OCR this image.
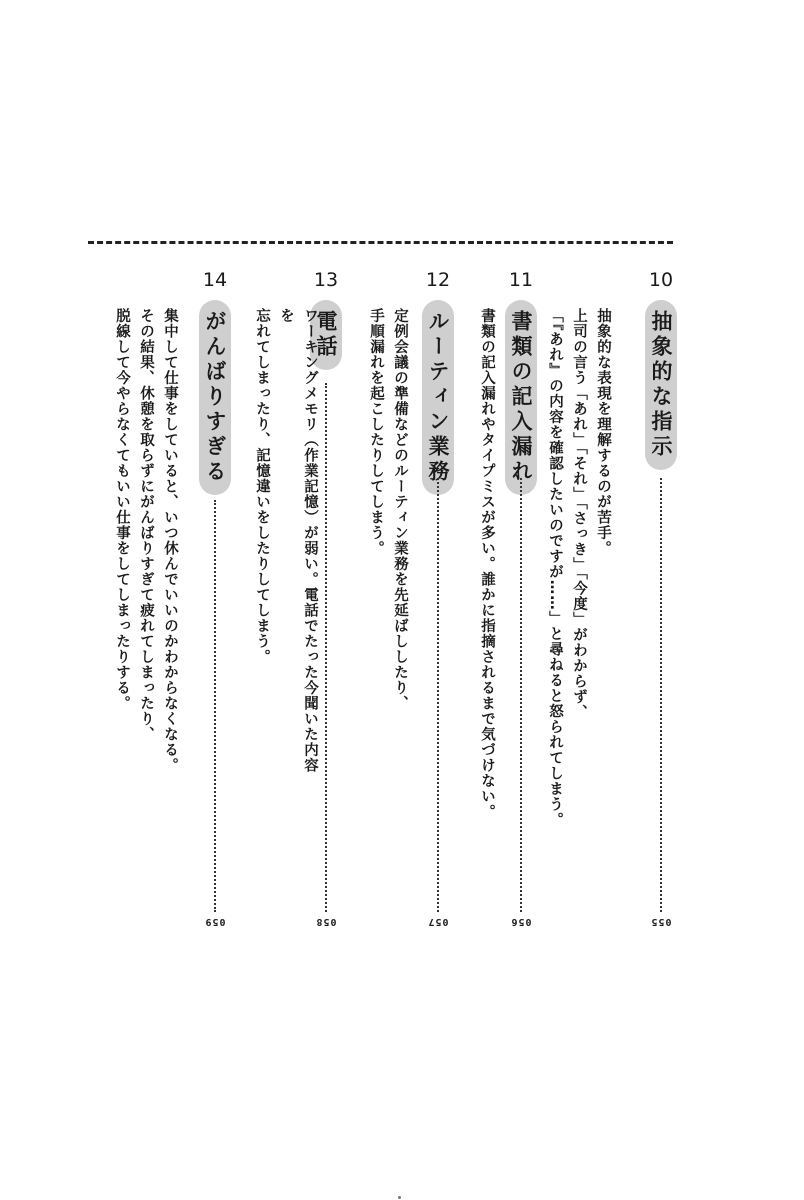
10
抽象的な指示
055
抽象的な表現を理解するのが苦手。
上司の言う「あれ」「それ」「さっき」「今度」がわからず、
「『あれ』の内容を確認したいのですが……」と尋ねると怒られてしまう。
11
書類の記入漏れ
056
書類の記入漏れやタイプミスが多い。誰かに指摘されるまで気づけない。
12
ルーティン業務
057
定例会議の準備などのルーティン業務を先延ばししたり、
手順漏れを起こしたりしてしまう。
13
電話
058
ワーキングメモリ（作業記憶）が弱い。電話でたった今聞いた内容を
忘れてしまったり、記憶違いをしたりしてしまう。
14
がんばりすぎる
059
集中して仕事をしていると、いつ休んでいいのかわからなくなる。
その結果、休憩を取らずにがんばりすぎて疲れてしまったり、
脱線して今やらなくてもいい仕事をしてしまったりする。
